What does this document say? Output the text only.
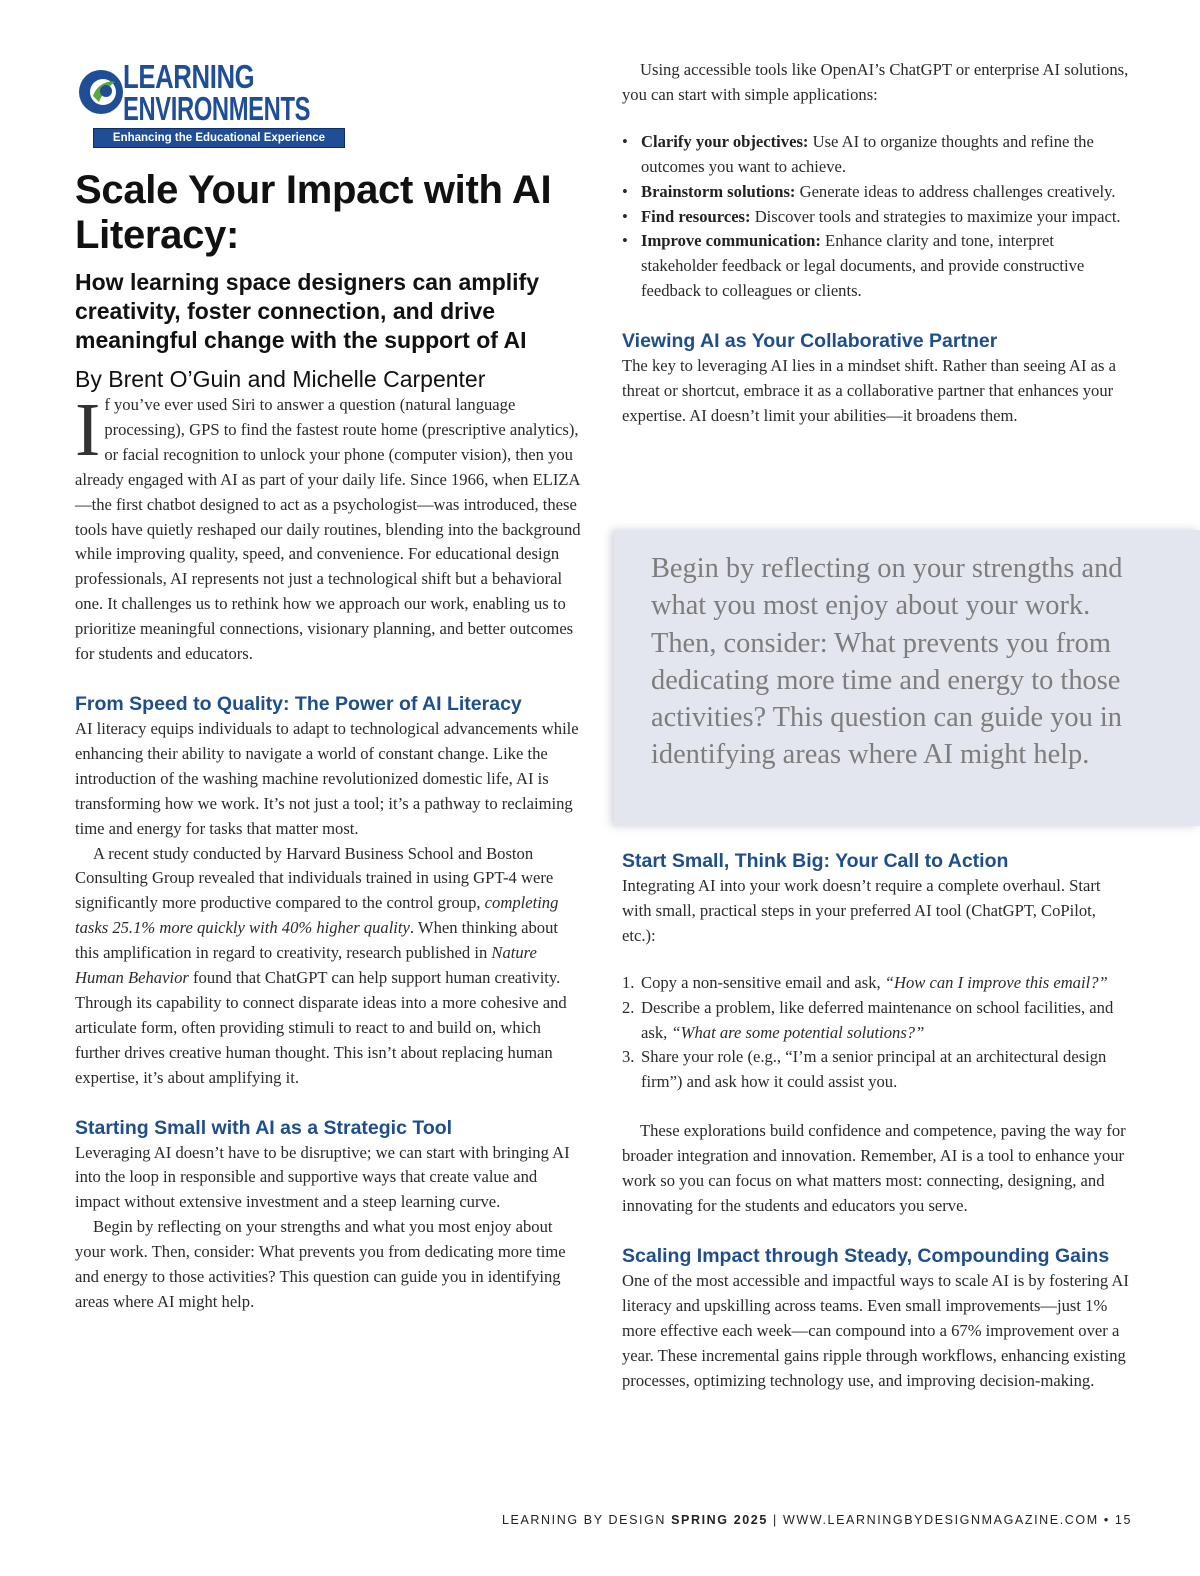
LEARNING
ENVIRONMENTS
Enhancing the Educational Experience
Scale Your Impact with AI Literacy:
How learning space designers can amplify creativity, foster connection, and drive meaningful change with the support of AI
By Brent O’Guin and Michelle Carpenter

If you’ve ever used Siri to answer a question (natural language processing), GPS to find the fastest route home (prescriptive analytics), or facial recognition to unlock your phone (computer vision), then you already engaged with AI as part of your daily life. Since 1966, when ELIZA—the first chatbot designed to act as a psychologist—was introduced, these tools have quietly reshaped our daily routines, blending into the background while improving quality, speed, and convenience. For educational design professionals, AI represents not just a technological shift but a behavioral one. It challenges us to rethink how we approach our work, enabling us to prioritize meaningful connections, visionary planning, and better outcomes for students and educators.

From Speed to Quality: The Power of AI Literacy

AI literacy equips individuals to adapt to technological advancements while enhancing their ability to navigate a world of constant change. Like the introduction of the washing machine revolutionized domestic life, AI is transforming how we work. It’s not just a tool; it’s a pathway to reclaiming time and energy for tasks that matter most.

A recent study conducted by Harvard Business School and Boston Consulting Group revealed that individuals trained in using GPT-4 were significantly more productive compared to the control group, completing tasks 25.1% more quickly with 40% higher quality. When thinking about this amplification in regard to creativity, research published in Nature Human Behavior found that ChatGPT can help support human creativity. Through its capability to connect disparate ideas into a more cohesive and articulate form, often providing stimuli to react to and build on, which further drives creative human thought. This isn’t about replacing human expertise, it’s about amplifying it.

Starting Small with AI as a Strategic Tool

Leveraging AI doesn’t have to be disruptive; we can start with bringing AI into the loop in responsible and supportive ways that create value and impact without extensive investment and a steep learning curve.

Begin by reflecting on your strengths and what you most enjoy about your work. Then, consider: What prevents you from dedicating more time and energy to those activities? This question can guide you in identifying areas where AI might help.

Using accessible tools like OpenAI’s ChatGPT or enterprise AI solutions, you can start with simple applications:

• Clarify your objectives: Use AI to organize thoughts and refine the outcomes you want to achieve.
• Brainstorm solutions: Generate ideas to address challenges creatively.
• Find resources: Discover tools and strategies to maximize your impact.
• Improve communication: Enhance clarity and tone, interpret stakeholder feedback or legal documents, and provide constructive feedback to colleagues or clients.
Viewing AI as Your Collaborative Partner

The key to leveraging AI lies in a mindset shift. Rather than seeing AI as a threat or shortcut, embrace it as a collaborative partner that enhances your expertise. AI doesn’t limit your abilities—it broadens them.

Begin by reflecting on your strengths and what you most enjoy about your work. Then, consider: What prevents you from dedicating more time and energy to those activities? This question can guide you in identifying areas where AI might help.

Start Small, Think Big: Your Call to Action

Integrating AI into your work doesn’t require a complete overhaul. Start with small, practical steps in your preferred AI tool (ChatGPT, CoPilot, etc.):

1. Copy a non-sensitive email and ask, “How can I improve this email?”
2. Describe a problem, like deferred maintenance on school facilities, and ask, “What are some potential solutions?”
3. Share your role (e.g., “I’m a senior principal at an architectural design firm”) and ask how it could assist you.

These explorations build confidence and competence, paving the way for broader integration and innovation. Remember, AI is a tool to enhance your work so you can focus on what matters most: connecting, designing, and innovating for the students and educators you serve.

Scaling Impact through Steady, Compounding Gains

One of the most accessible and impactful ways to scale AI is by fostering AI literacy and upskilling across teams. Even small improvements—just 1% more effective each week—can compound into a 67% improvement over a year. These incremental gains ripple through workflows, enhancing existing processes, optimizing technology use, and improving decision-making.

LEARNING BY DESIGN SPRING 2025 | WWW.LEARNINGBYDESIGNMAGAZINE.COM • 15
